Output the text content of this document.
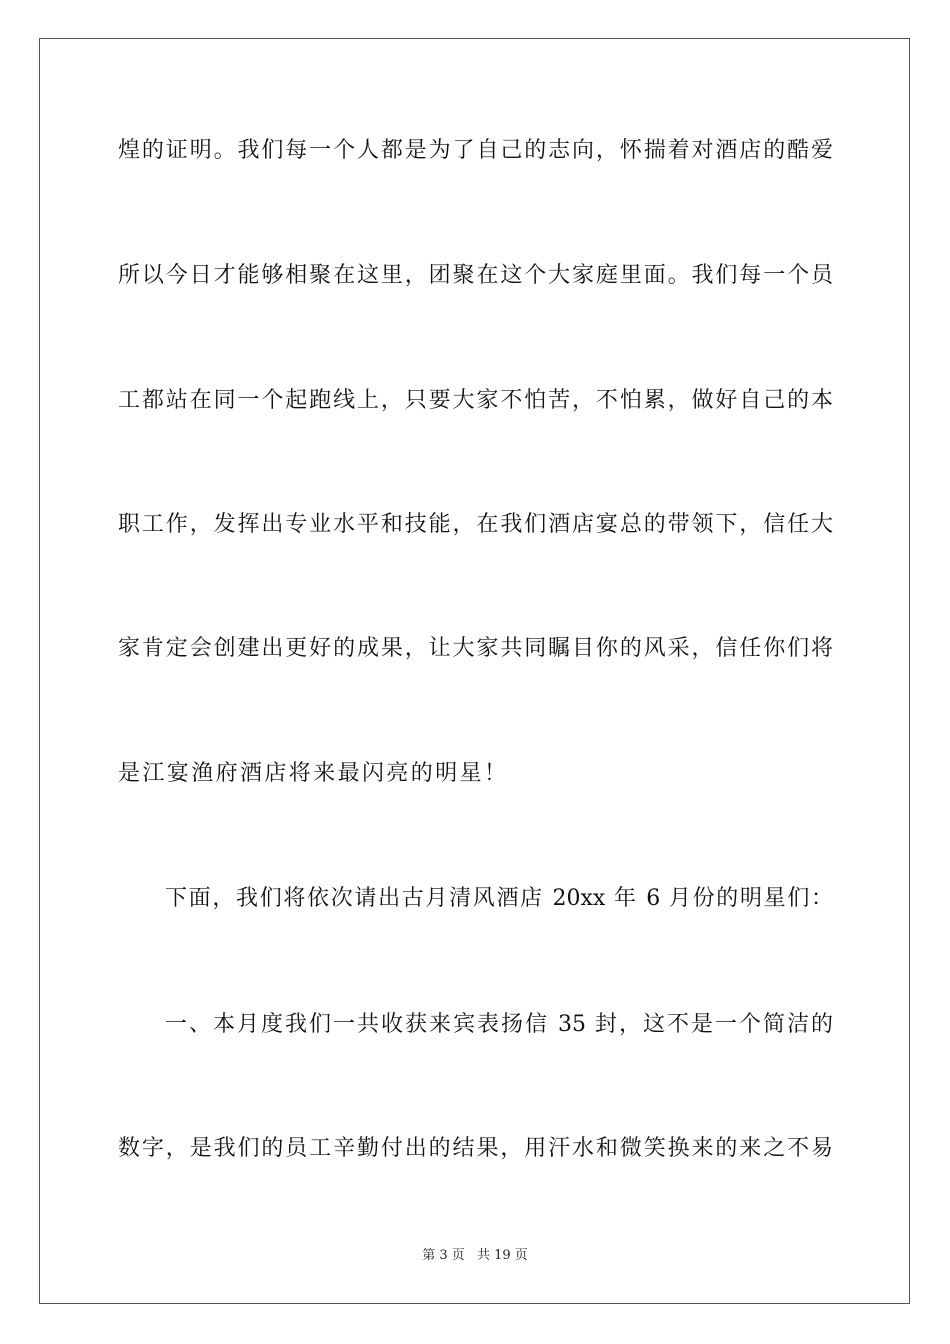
煌的证明。我们每一个人都是为了自己的志向，怀揣着对酒店的酷爱
所以今日才能够相聚在这里，团聚在这个大家庭里面。我们每一个员
工都站在同一个起跑线上，只要大家不怕苦，不怕累，做好自己的本
职工作，发挥出专业水平和技能，在我们酒店宴总的带领下，信任大
家肯定会创建出更好的成果，让大家共同瞩目你的风采，信任你们将
是江宴渔府酒店将来最闪亮的明星！
下面，我们将依次请出古月清风酒店 20xx 年 6 月份的明星们：
一、本月度我们一共收获来宾表扬信 35 封，这不是一个简洁的
数字，是我们的员工辛勤付出的结果，用汗水和微笑换来的来之不易
第 3 页 共 19 页
